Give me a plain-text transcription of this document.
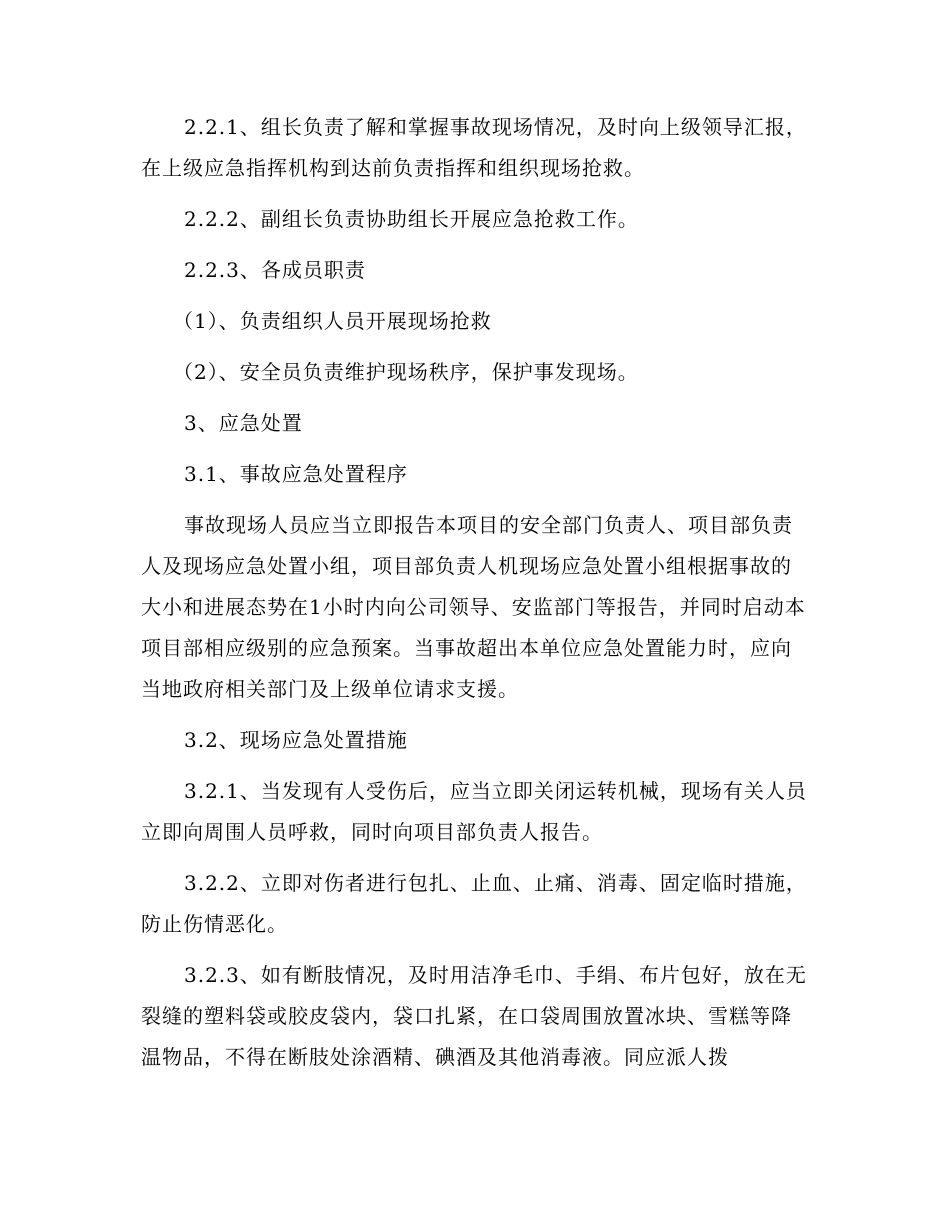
2.2.1、组长负责了解和掌握事故现场情况，及时向上级领导汇报，在上级应急指挥机构到达前负责指挥和组织现场抢救。

2.2.2、副组长负责协助组长开展应急抢救工作。

2.2.3、各成员职责

（1）、负责组织人员开展现场抢救

（2）、安全员负责维护现场秩序，保护事发现场。

3、应急处置

3.1、事故应急处置程序

事故现场人员应当立即报告本项目的安全部门负责人、项目部负责人及现场应急处置小组，项目部负责人机现场应急处置小组根据事故的大小和进展态势在1小时内向公司领导、安监部门等报告，并同时启动本项目部相应级别的应急预案。当事故超出本单位应急处置能力时，应向当地政府相关部门及上级单位请求支援。

3.2、现场应急处置措施

3.2.1、当发现有人受伤后，应当立即关闭运转机械，现场有关人员立即向周围人员呼救，同时向项目部负责人报告。

3.2.2、立即对伤者进行包扎、止血、止痛、消毒、固定临时措施，防止伤情恶化。

3.2.3、如有断肢情况，及时用洁净毛巾、手绢、布片包好，放在无裂缝的塑料袋或胶皮袋内，袋口扎紧，在口袋周围放置冰块、雪糕等降温物品，不得在断肢处涂酒精、碘酒及其他消毒液。同应派人拨
